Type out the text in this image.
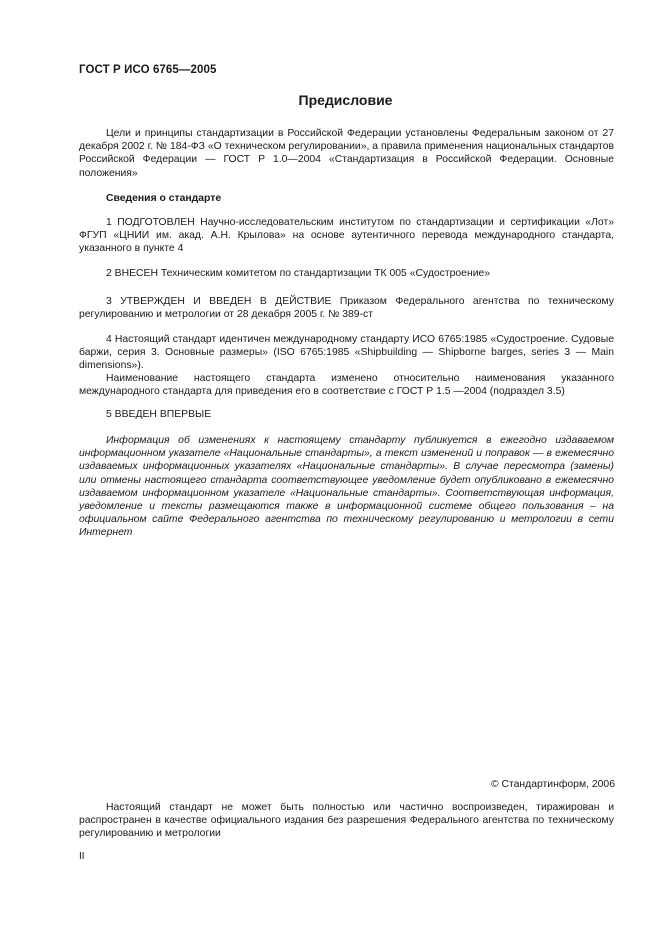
ГОСТ Р ИСО 6765—2005
Предисловие

Цели и принципы стандартизации в Российской Федерации установлены Федеральным законом от 27 декабря 2002 г. № 184-ФЗ «О техническом регулировании», а правила применения национальных стандартов Российской Федерации — ГОСТ Р 1.0—2004 «Стандартизация в Российской Федерации. Основные положения»

Сведения о стандарте

1 ПОДГОТОВЛЕН Научно-исследовательским институтом по стандартизации и сертификации «Лот» ФГУП «ЦНИИ им. акад. А.Н. Крылова» на основе аутентичного перевода международного стандарта, указанного в пункте 4

2 ВНЕСЕН Техническим комитетом по стандартизации ТК 005 «Судостроение»

3 УТВЕРЖДЕН И ВВЕДЕН В ДЕЙСТВИЕ Приказом Федерального агентства по техническому регулированию и метрологии от 28 декабря 2005 г. № 389-ст

4 Настоящий стандарт идентичен международному стандарту ИСО 6765:1985 «Судостроение. Судовые баржи, серия 3. Основные размеры» (ISO 6765:1985 «Shipbuilding — Shipborne barges, series 3 — Main dimensions»).

Наименование настоящего стандарта изменено относительно наименования указанного международного стандарта для приведения его в соответствие с ГОСТ Р 1.5 —2004 (подраздел 3.5)

5 ВВЕДЕН ВПЕРВЫЕ

Информация об изменениях к настоящему стандарту публикуется в ежегодно издаваемом информационном указателе «Национальные стандарты», а текст изменений и поправок — в ежемесячно издаваемых информационных указателях «Национальные стандарты». В случае пересмотра (замены) или отмены настоящего стандарта соответствующее уведомление будет опубликовано в ежемесячно издаваемом информационном указателе «Национальные стандарты». Соответствующая информация, уведомление и тексты размещаются также в информационной системе общего пользования – на официальном сайте Федерального агентства по техническому регулированию и метрологии в сети Интернет

© Стандартинформ, 2006

Настоящий стандарт не может быть полностью или частично воспроизведен, тиражирован и распространен в качестве официального издания без разрешения Федерального агентства по техническому регулированию и метрологии

II
